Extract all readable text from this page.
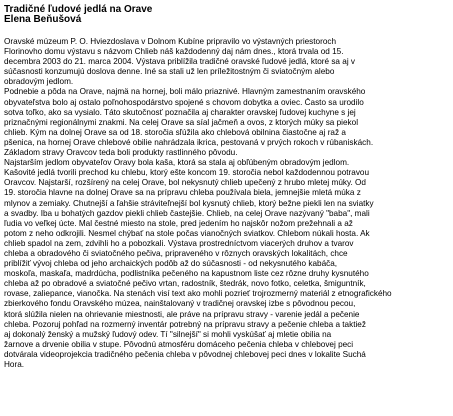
Tradičné ľudové jedlá na Orave
Elena Beňušová
Oravské múzeum P. O. Hviezdoslava v Dolnom Kubíne pripravilo vo výstavných priestoroch
Florinovho domu výstavu s názvom Chlieb náš každodenný daj nám dnes., ktorá trvala od 15.
decembra 2003 do 21. marca 2004. Výstava priblížila tradičné oravské ľudové jedlá, ktoré sa aj v
súčasnosti konzumujú doslova denne. Iné sa stali už len príležitostným či sviatočným alebo
obradovým jedlom.
Podnebie a pôda na Orave, najmä na hornej, boli málo priaznivé. Hlavným zamestnaním oravského
obyvateľstva bolo aj ostalo poľnohospodárstvo spojené s chovom dobytka a oviec. Často sa urodilo
sotva toľko, ako sa vysialo. Táto skutočnosť poznačila aj charakter oravskej ľudovej kuchyne s jej
priznačnými regionálnymi znakmi. Na celej Orave sa síal jačmeň a ovos, z ktorých múky sa piekol
chlieb. Kým na dolnej Orave sa od 18. storočia sľúžila ako chlebová obilnina čiastočne aj raž a
pšenica, na hornej Orave chlebové obilie nahrádzala ikrica, pestovaná v prvých rokoch v rúbaniskách.
Základom stravy Oravcov teda boli produkty rastlinného pôvodu.
Najstarším jedlom obyvateľov Oravy bola kaša, ktorá sa stala aj obľúbeným obradovým jedlom.
Kašovité jedlá tvorili prechod ku chlebu, ktorý ešte koncom 19. storočia nebol každodennou potravou
Oravcov. Najstarší, rozšírený na celej Orave, bol nekysnutý chlieb upečený z hrubo mletej múky. Od
19. storočia hlavne na dolnej Orave sa na prípravu chleba používala biela, jemnejšie mletá múka z
mlynov a zemiaky. Chutnejší a ľahšie stráviteľnejší bol kysnutý chlieb, ktorý bežne piekli len na sviatky
a svadby. Iba u bohatých gazdov piekli chlieb častejšie. Chlieb, na celej Orave nazývaný "baba", mali
ľudia vo veľkej úcte. Mal čestné miesto na stole, pred jedením ho najskôr nožom prežehnali a až
potom z neho odkrojili. Nesmel chýbať na stole počas vianočných sviatkov. Chlebom núkali hosta. Ak
chlieb spadol na zem, zdvihli ho a pobozkali. Výstava prostredníctvom viacerých druhov a tvarov
chleba a obradového či sviatočného pečiva, pripraveného v rôznych oravských lokalitách, chce
priblížiť vývoj chleba od jeho archaických podôb až do súčasnosti - od nekysnutého kabáča,
moskoľa, maskaľa, madrdúcha, podlistníka pečeného na kapustnom liste cez rôzne druhy kysnutého
chleba až po obradové a sviatočné pečivo vrtan, radostník, štedrák, novo fotko, celetka, šmiguntník,
rovase, zaliepance, vianočka. Na stenách visí text ako mohli pozrieť trojrozmerný materiál z etnografického
zbierkového fondu Oravského múzea, nainštalovaný v tradičnej oravskej izbe s pôvodnou pecou,
ktorá slúžila nielen na ohrievanie miestnosti, ale práve na prípravu stravy - varenie jedál a pečenie
chleba. Pozoruj pohľad na rozmerný inventár potrebný na prípravu stravy a pečenie chleba a taktiež
aj dokonalý ženský a mužský ľudový odev. Tí "silnejší" si mohli vyskúšať aj mletie obilia na
žarnove a drvenie obilia v stupe. Pôvodnú atmosféru domáceho pečenia chleba v chlebovej peci
dotvárala videoprojekcia tradičného pečenia chleba v pôvodnej chlebovej peci dnes v lokalite Suchá
Hora.
